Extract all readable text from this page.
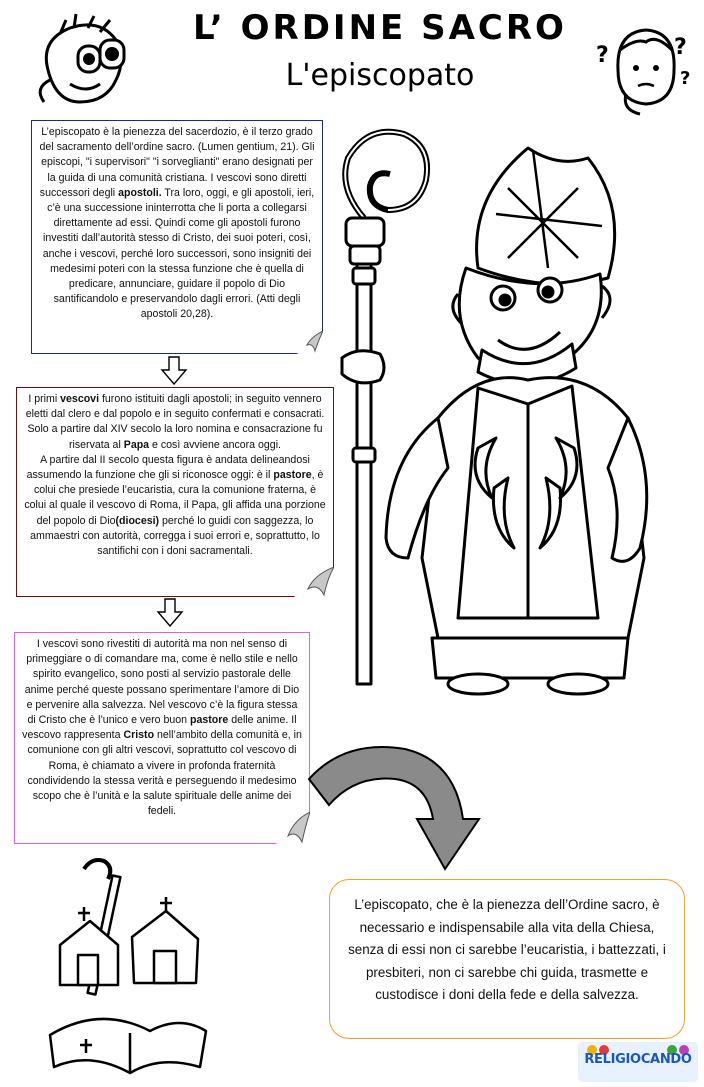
L’ ORDINE SACRO
L'episcopato
?	?
?

L’episcopato è la pienezza del sacerdozio, è il terzo grado del sacramento dell’ordine sacro. (Lumen gentium, 21). Gli episcopi, "i supervisori" "i sorveglianti" erano designati per la guida di una comunità cristiana. I vescovi sono diretti successori degli apostoli. Tra loro, oggi, e gli apostoli, ieri, c’è una successione ininterrotta che li porta a collegarsi direttamente ad essi. Quindi come gli apostoli furono investiti dall’autorità stesso di Cristo, dei suoi poteri, così, anche i vescovi, perché loro successori, sono insigniti dei medesimi poteri con la stessa funzione che è quella di predicare, annunciare, guidare il popolo di Dio santificandolo e preservandolo dagli errori. (Atti degli apostoli 20,28).

I primi vescovi furono istituiti dagli apostoli; in seguito vennero eletti dal clero e dal popolo e in seguito confermati e consacrati. Solo a partire dal XIV secolo la loro nomina e consacrazione fu riservata al Papa e così avviene ancora oggi.

A partire dal II secolo questa figura è andata delineandosi assumendo la funzione che gli si riconosce oggi: è il pastore, è colui che presiede l’eucaristia, cura la comunione fraterna, è colui al quale il vescovo di Roma, il Papa, gli affida una porzione del popolo di Dio(diocesi) perché lo guidi con saggezza, lo ammaestri con autorità, corregga i suoi errori e, soprattutto, lo santifichi con i doni sacramentali.

I vescovi sono rivestiti di autorità ma non nel senso di primeggiare o di comandare ma, come è nello stile e nello spirito evangelico, sono posti al servizio pastorale delle anime perché queste possano sperimentare l’amore di Dio e pervenire alla salvezza. Nel vescovo c’è la figura stessa di Cristo che è l’unico e vero buon pastore delle anime. Il vescovo rappresenta Cristo nell’ambito della comunità e, in comunione con gli altri vescovi, soprattutto col vescovo di Roma, è chiamato a vivere in profonda fraternità condividendo la stessa verità e perseguendo il medesimo scopo che è l’unità e la salute spirituale delle anime dei fedeli.

L’episcopato, che è la pienezza dell’Ordine sacro, è necessario e indispensabile alla vita della Chiesa, senza di essi non ci sarebbe l’eucaristia, i battezzati, i presbiteri, non ci sarebbe chi guida, trasmette e custodisce i doni della fede e della salvezza.
RELIGIOCANDO
